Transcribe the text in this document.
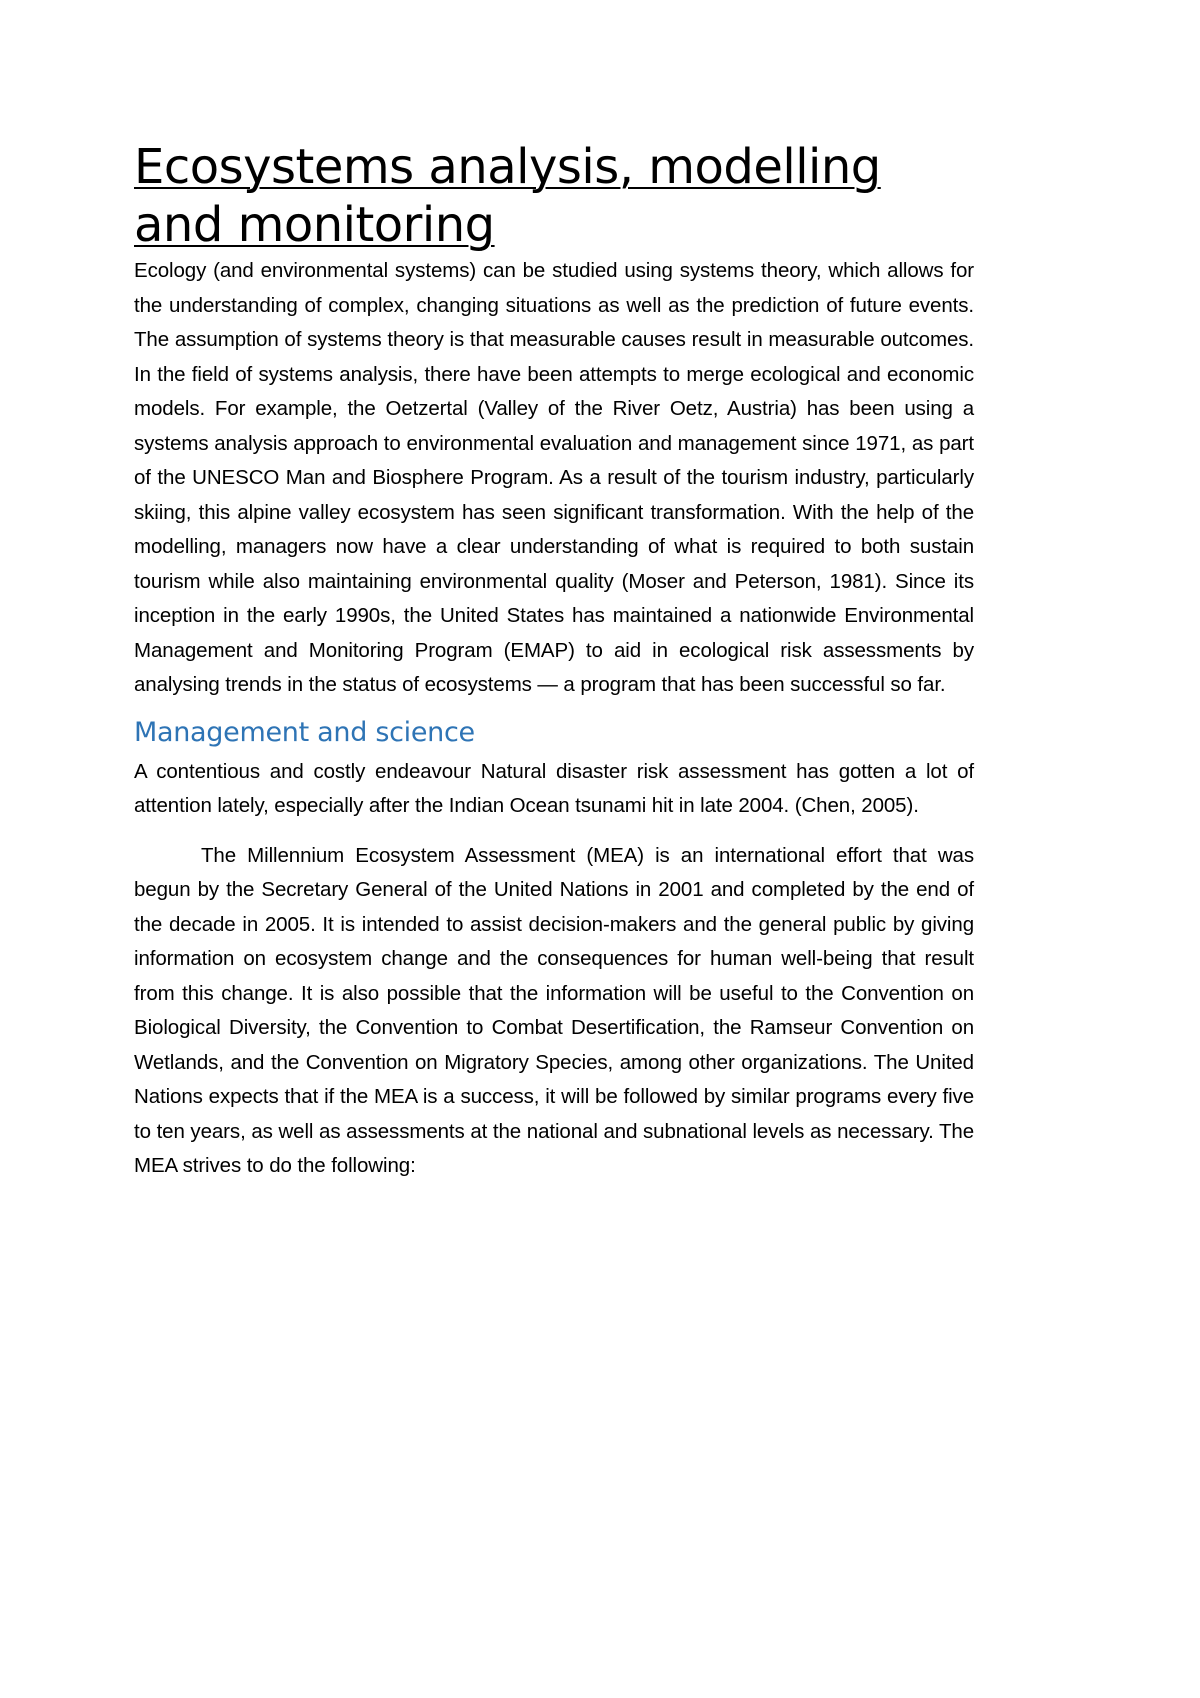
Ecosystems analysis, modelling and monitoring

Ecology (and environmental systems) can be studied using systems theory, which allows for the understanding of complex, changing situations as well as the prediction of future events. The assumption of systems theory is that measurable causes result in measurable outcomes. In the field of systems analysis, there have been attempts to merge ecological and economic models. For example, the Oetzertal (Valley of the River Oetz, Austria) has been using a systems analysis approach to environmental evaluation and management since 1971, as part of the UNESCO Man and Biosphere Program. As a result of the tourism industry, particularly skiing, this alpine valley ecosystem has seen significant transformation. With the help of the modelling, managers now have a clear understanding of what is required to both sustain tourism while also maintaining environmental quality (Moser and Peterson, 1981). Since its inception in the early 1990s, the United States has maintained a nationwide Environmental Management and Monitoring Program (EMAP) to aid in ecological risk assessments by analysing trends in the status of ecosystems — a program that has been successful so far.

Management and science

A contentious and costly endeavour Natural disaster risk assessment has gotten a lot of attention lately, especially after the Indian Ocean tsunami hit in late 2004. (Chen, 2005).

The Millennium Ecosystem Assessment (MEA) is an international effort that was begun by the Secretary General of the United Nations in 2001 and completed by the end of the decade in 2005. It is intended to assist decision-makers and the general public by giving information on ecosystem change and the consequences for human well-being that result from this change. It is also possible that the information will be useful to the Convention on Biological Diversity, the Convention to Combat Desertification, the Ramseur Convention on Wetlands, and the Convention on Migratory Species, among other organizations. The United Nations expects that if the MEA is a success, it will be followed by similar programs every five to ten years, as well as assessments at the national and subnational levels as necessary. The MEA strives to do the following:
